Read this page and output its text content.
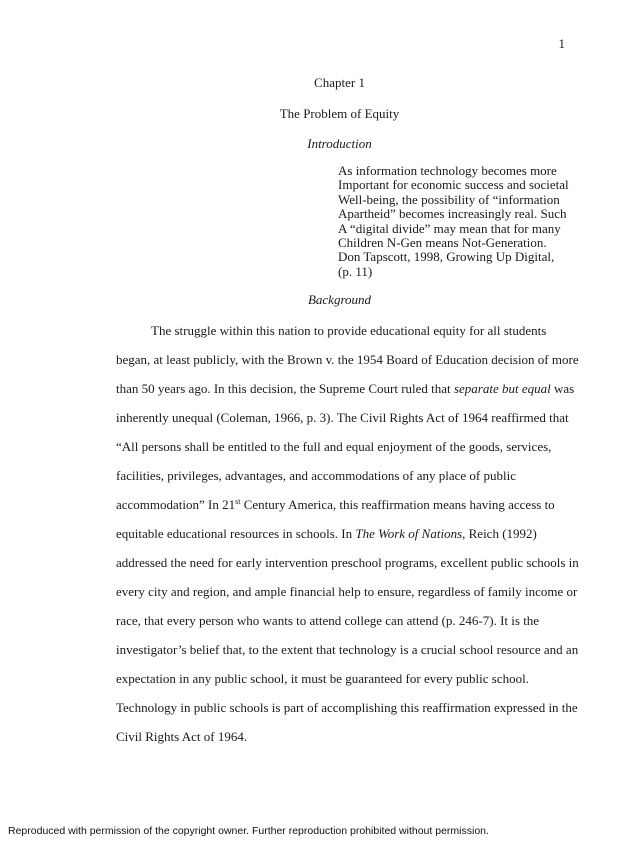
1
Chapter 1
The Problem of Equity
Introduction
As information technology becomes more
Important for economic success and societal
Well-being, the possibility of “information
Apartheid” becomes increasingly real. Such
A “digital divide” may mean that for many
Children N-Gen means Not-Generation.
Don Tapscott, 1998, Growing Up Digital,
(p. 11)
Background
The struggle within this nation to provide educational equity for all students
began, at least publicly, with the Brown v. the 1954 Board of Education decision of more
than 50 years ago. In this decision, the Supreme Court ruled that separate but equal was
inherently unequal (Coleman, 1966, p. 3). The Civil Rights Act of 1964 reaffirmed that
“All persons shall be entitled to the full and equal enjoyment of the goods, services,
facilities, privileges, advantages, and accommodations of any place of public
accommodation” In 21st Century America, this reaffirmation means having access to
equitable educational resources in schools. In The Work of Nations, Reich (1992)
addressed the need for early intervention preschool programs, excellent public schools in
every city and region, and ample financial help to ensure, regardless of family income or
race, that every person who wants to attend college can attend (p. 246-7). It is the
investigator’s belief that, to the extent that technology is a crucial school resource and an
expectation in any public school, it must be guaranteed for every public school.
Technology in public schools is part of accomplishing this reaffirmation expressed in the
Civil Rights Act of 1964.
Reproduced with permission of the copyright owner. Further reproduction prohibited without permission.
